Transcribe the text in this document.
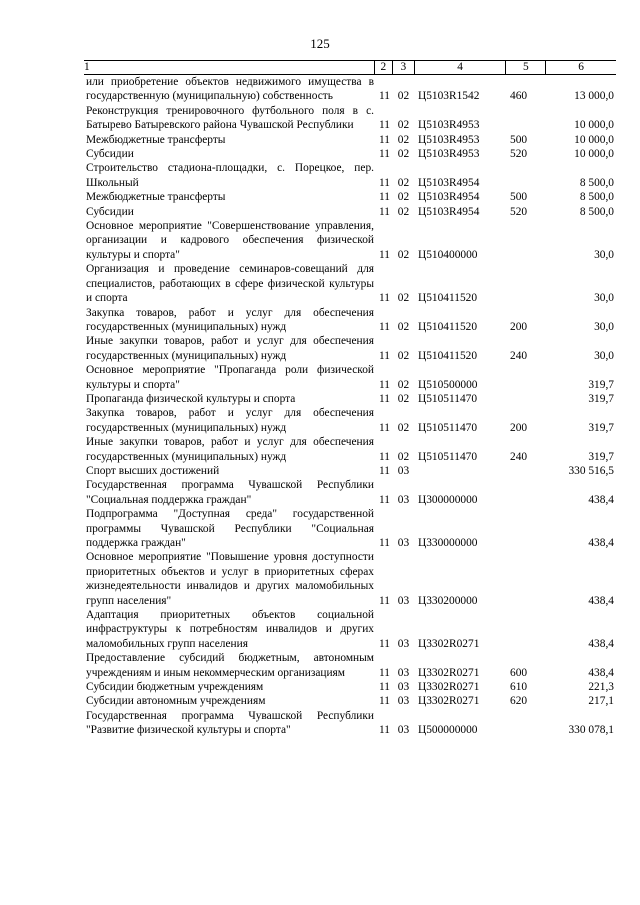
125
1	2	3	4	5	6
или приобретение объектов недвижимого имущества в государственную (муниципальную) собственность	11 02 Ц5103R1542	460	13 000,0
Реконструкция тренировочного футбольного поля в с. Батырево Батыревского района Чувашской Республики	11 02 Ц5103R4953	10 000,0
Межбюджетные трансферты	11 02 Ц5103R4953	500	10 000,0
Субсидии	11 02 Ц5103R4953	520	10 000,0
Строительство стадиона-площадки, с. Порецкое, пер. Школьный	11 02 Ц5103R4954	8 500,0
Межбюджетные трансферты	11 02 Ц5103R4954	500	8 500,0
Субсидии	11 02 Ц5103R4954	520	8 500,0
Основное мероприятие "Совершенствование управления, организации и кадрового обеспечения физической культуры и спорта"	11 02 Ц510400000	30,0
Организация и проведение семинаров-совещаний для специалистов, работающих в сфере физической культуры и спорта	11 02 Ц510411520	30,0
Закупка товаров, работ и услуг для обеспечения государственных (муниципальных) нужд	11 02 Ц510411520	200	30,0
Иные закупки товаров, работ и услуг для обеспечения государственных (муниципальных) нужд	11 02 Ц510411520	240	30,0
Основное мероприятие "Пропаганда роли физической культуры и спорта"	11 02 Ц510500000	319,7
Пропаганда физической культуры и спорта	11 02 Ц510511470	319,7
Закупка товаров, работ и услуг для обеспечения государственных (муниципальных) нужд	11 02 Ц510511470	200	319,7
Иные закупки товаров, работ и услуг для обеспечения государственных (муниципальных) нужд	11 02 Ц510511470	240	319,7
Спорт высших достижений	11 03	330 516,5
Государственная программа Чувашской Республики "Социальная поддержка граждан"	11 03 Ц300000000	438,4
Подпрограмма "Доступная среда" государственной программы Чувашской Республики "Социальная поддержка граждан"	11 03 Ц330000000	438,4
Основное мероприятие "Повышение уровня доступности приоритетных объектов и услуг в приоритетных сферах жизнедеятельности инвалидов и других маломобильных групп населения"	11 03 Ц330200000	438,4
Адаптация приоритетных объектов социальной инфраструктуры к потребностям инвалидов и других маломобильных групп населения	11 03 Ц3302R0271	438,4
Предоставление субсидий бюджетным, автономным учреждениям и иным некоммерческим организациям	11 03 Ц3302R0271	600	438,4
Субсидии бюджетным учреждениям	11 03 Ц3302R0271	610	221,3
Субсидии автономным учреждениям	11 03 Ц3302R0271	620	217,1
Государственная программа Чувашской Республики "Развитие физической культуры и спорта"	11 03 Ц500000000	330 078,1
